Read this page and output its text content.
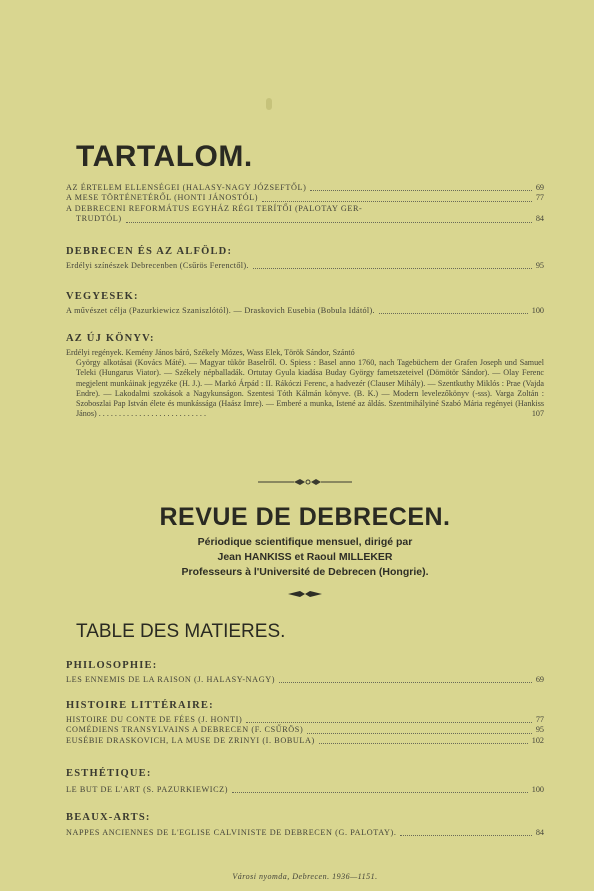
TARTALOM.
AZ ÉRTELEM ELLENSÉGEI (HALASY-NAGY JÓZSEFTŐL)	69
A MESE TÖRTÉNETÉRŐL (HONTI JÁNOSTÓL)	77
A DEBRECENI REFORMÁTUS EGYHÁZ RÉGI TERÍTŐI (PALOTAY GER-
TRUDTÓL)	84
DEBRECEN ÉS AZ ALFÖLD:
Erdélyi színészek Debrecenben (Csűrös Ferenctől).	95
VEGYESEK:
A művészet célja (Pazurkiewicz Szaniszlótól). — Draskovich Eusebia (Bobula Idától).	100
AZ ÚJ KÖNYV:
Erdélyi regények. Kemény János báró, Székely Mózes, Wass Elek, Török Sándor, Szántó
György alkotásai (Kovács Máté). — Magyar tükör Baselről. O. Spiess : Basel anno 1760, nach Tagebüchern der Grafen Joseph und Samuel Teleki (Hungarus Viator). — Székely népballadák. Ortutay Gyula kiadása Buday György fametszeteivel (Dömötör Sándor). — Olay Ferenc megjelent munkáinak jegyzéke (H. J.). — Markó Árpád : II. Rákóczi Ferenc, a hadvezér (Clauser Mihály). — Szentkuthy Miklós : Prae (Vajda Endre). — Lakodalmi szokások a Nagykunságon. Szentesi Tóth Kálmán könyve. (B. K.) — Modern levelezőkönyv (-sss). Varga Zoltán : Szoboszlai Pap István élete és munkássága (Haász Imre). — Emberé a munka, Istené az áldás. Szentmihályiné Szabó Mária regényei (Hankiss János) . . . . . . . . . . . . . . . . . . . . . . . . . . .	107
REVUE DE DEBRECEN.
Périodique scientifique mensuel, dirigé par
Jean HANKISS et Raoul MILLEKER
Professeurs à l'Université de Debrecen (Hongrie).
TABLE DES MATIERES.
PHILOSOPHIE:
LES ENNEMIS DE LA RAISON (J. HALASY-NAGY)	69
HISTOIRE LITTÉRAIRE:
HISTOIRE DU CONTE DE FÉES (J. HONTI)	77
COMÉDIENS TRANSYLVAINS A DEBRECEN (F. CSŰRÖS)	95
EUSÉBIE DRASKOVICH, LA MUSE DE ZRINYI (I. BOBULA)	102
ESTHÉTIQUE:
LE BUT DE L'ART (S. PAZURKIEWICZ)	100
BEAUX-ARTS:
NAPPES ANCIENNES DE L'EGLISE CALVINISTE DE DEBRECEN (G. PALOTAY).	84
Városi nyomda, Debrecen. 1936—1151.
